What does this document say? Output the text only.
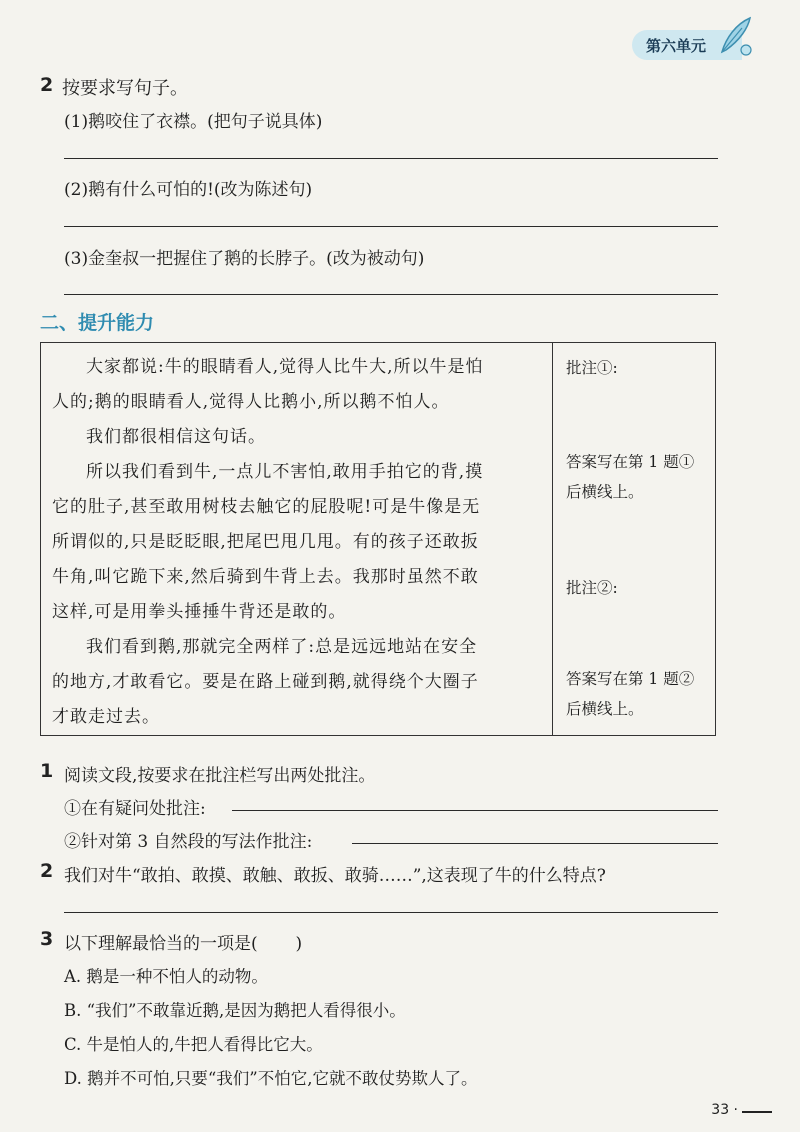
第六单元
2 按要求写句子。
(1)鹅咬住了衣襟。(把句子说具体)
(2)鹅有什么可怕的!(改为陈述句)
(3)金奎叔一把握住了鹅的长脖子。(改为被动句)
二、提升能力
大家都说:牛的眼睛看人,觉得人比牛大,所以牛是怕
人的;鹅的眼睛看人,觉得人比鹅小,所以鹅不怕人。
我们都很相信这句话。
所以我们看到牛,一点儿不害怕,敢用手拍它的背,摸
它的肚子,甚至敢用树枝去触它的屁股呢!可是牛像是无
所谓似的,只是眨眨眼,把尾巴甩几甩。有的孩子还敢扳
牛角,叫它跪下来,然后骑到牛背上去。我那时虽然不敢
这样,可是用拳头捶捶牛背还是敢的。
我们看到鹅,那就完全两样了:总是远远地站在安全
的地方,才敢看它。要是在路上碰到鹅,就得绕个大圈子
才敢走过去。
批注①:
答案写在第 1 题①
后横线上。
批注②:
答案写在第 1 题②
后横线上。
1 阅读文段,按要求在批注栏写出两处批注。
①在有疑问处批注:
②针对第 3 自然段的写法作批注:
2 我们对牛“敢拍、敢摸、敢触、敢扳、敢骑……”,这表现了牛的什么特点?
3 以下理解最恰当的一项是(       )
A. 鹅是一种不怕人的动物。
B. “我们”不敢靠近鹅,是因为鹅把人看得很小。
C. 牛是怕人的,牛把人看得比它大。
D. 鹅并不可怕,只要“我们”不怕它,它就不敢仗势欺人了。
33 ·
